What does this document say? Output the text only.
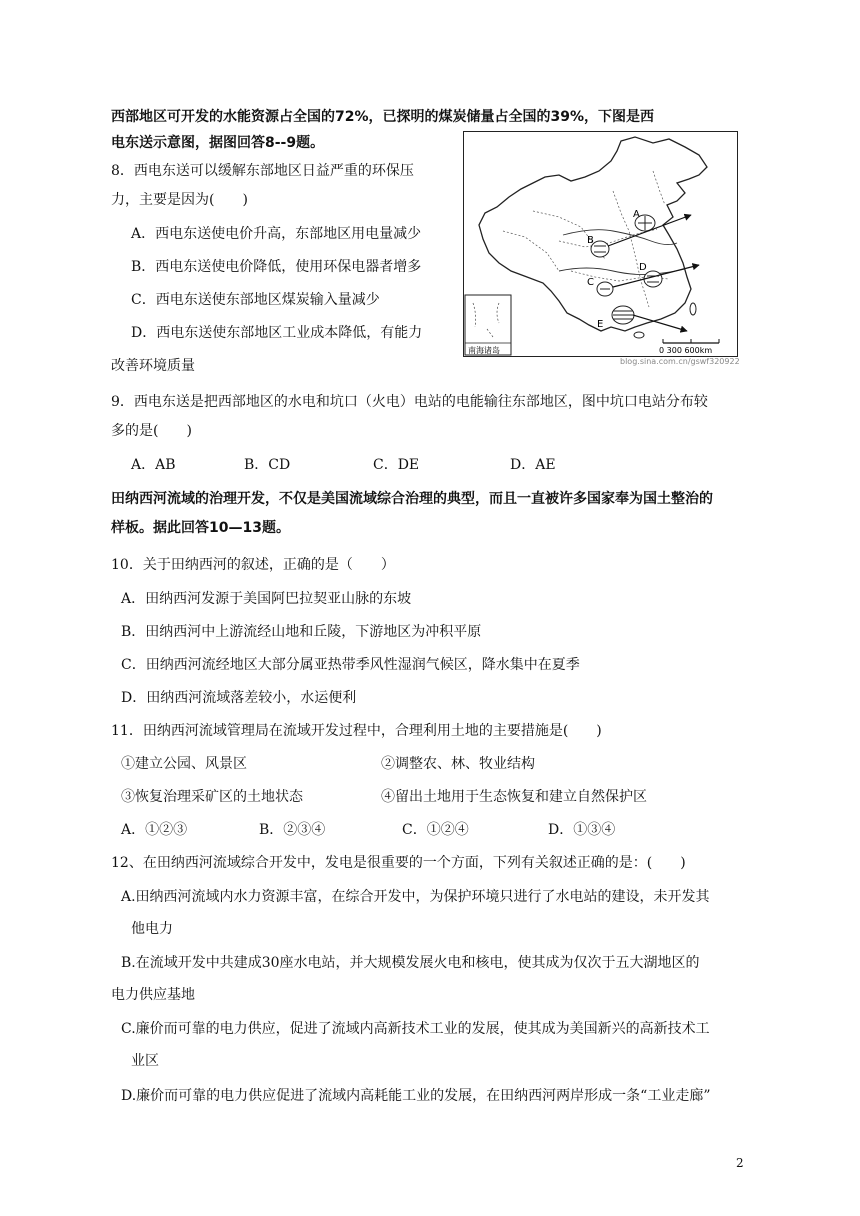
西部地区可开发的水能资源占全国的72%，已探明的煤炭储量占全国的39%，下图是西
电东送示意图，据图回答8--9题。
8．西电东送可以缓解东部地区日益严重的环保压
力，主要是因为(　　)
A．西电东送使电价升高，东部地区用电量减少
B．西电东送使电价降低，使用环保电器者增多
C．西电东送使东部地区煤炭输入量减少
D．西电东送使东部地区工业成本降低，有能力
改善环境质量
A
B
C
D
E
南海诸岛	0 300 600km
blog.sina.com.cn/gswf320922
9．西电东送是把西部地区的水电和坑口（火电）电站的电能输往东部地区，图中坑口电站分布较
多的是(　　)
A．AB	B．CD	C．DE	D．AE
田纳西河流域的治理开发，不仅是美国流域综合治理的典型，而且一直被许多国家奉为国土整治的
样板。据此回答10—13题。
10．关于田纳西河的叙述，正确的是（　　）
A．田纳西河发源于美国阿巴拉契亚山脉的东坡
B．田纳西河中上游流经山地和丘陵，下游地区为冲积平原
C．田纳西河流经地区大部分属亚热带季风性湿润气候区，降水集中在夏季
D．田纳西河流域落差较小，水运便利
11．田纳西河流域管理局在流域开发过程中，合理利用土地的主要措施是(　　)
①建立公园、风景区	②调整农、林、牧业结构
③恢复治理采矿区的土地状态	④留出土地用于生态恢复和建立自然保护区
A．①②③	B．②③④	C．①②④	D．①③④
12、在田纳西河流域综合开发中，发电是很重要的一个方面，下列有关叙述正确的是：(　　)
A.田纳西河流域内水力资源丰富，在综合开发中，为保护环境只进行了水电站的建设，未开发其
他电力
B.在流域开发中共建成30座水电站，并大规模发展火电和核电，使其成为仅次于五大湖地区的
电力供应基地
C.廉价而可靠的电力供应，促进了流域内高新技术工业的发展，使其成为美国新兴的高新技术工
业区
D.廉价而可靠的电力供应促进了流域内高耗能工业的发展，在田纳西河两岸形成一条“工业走廊”
2
